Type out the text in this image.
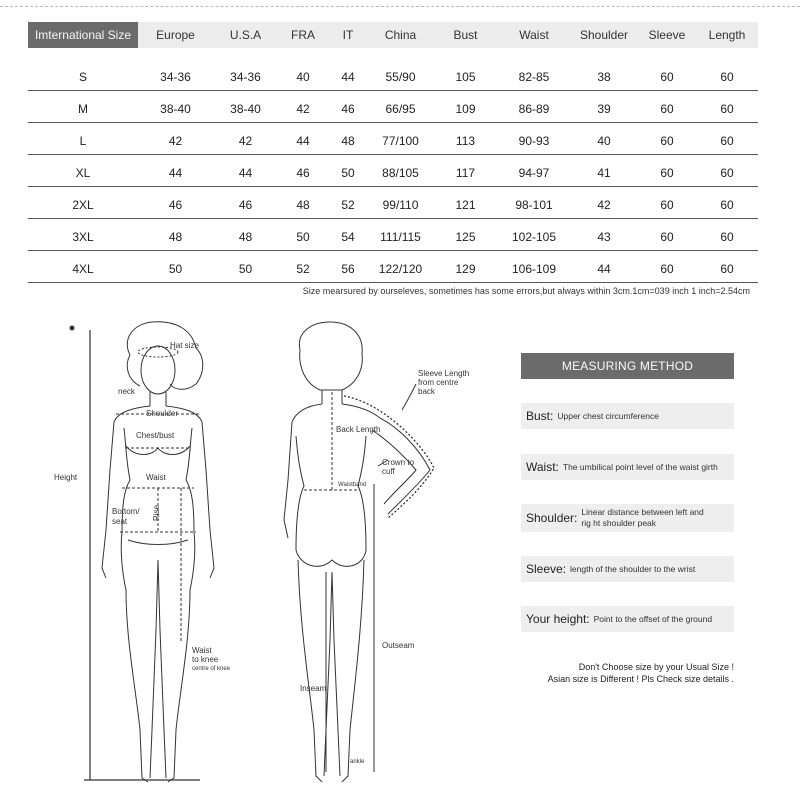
Imternational Size	Europe	U.S.A	FRA	IT	China	Bust	Waist	Shoulder	Sleeve	Length

S	34-36	34-36	40	44	55/90	105	82-85	38	60	60
M	38-40	38-40	42	46	66/95	109	86-89	39	60	60
L	42	42	44	48	77/100	113	90-93	40	60	60
XL	44	44	46	50	88/105	117	94-97	41	60	60
2XL	46	46	48	52	99/110	121	98-101	42	60	60
3XL	48	48	50	54	111/115	125	102-105	43	60	60
4XL	50	50	52	56	122/120	129	106-109	44	60	60
Size mearsured by ourseleves, sometimes has some errors,but always within 3cm.1cm=039 inch 1 inch=2.54cm
Hat size
neck
Shoulder
Chest/bust
Waist
Bottom/
seat
Rise
Height
Waist
to knee
centre of knee
Sleeve Length
from centre
back
Back Length
Crown to
cuff
Waistband
Outseam
Inseam
ankle
MEASURING METHOD
Bust: Upper chest circumference
Waist: The umbilical point level of the waist girth
Shoulder: Linear distance between left and rig ht shoulder peak
Sleeve: length of the shoulder to the wrist
Your height: Point to the offset of the ground
Don't Choose size by your Usual Size !
Asian size is Different ! Pls Check size details .
